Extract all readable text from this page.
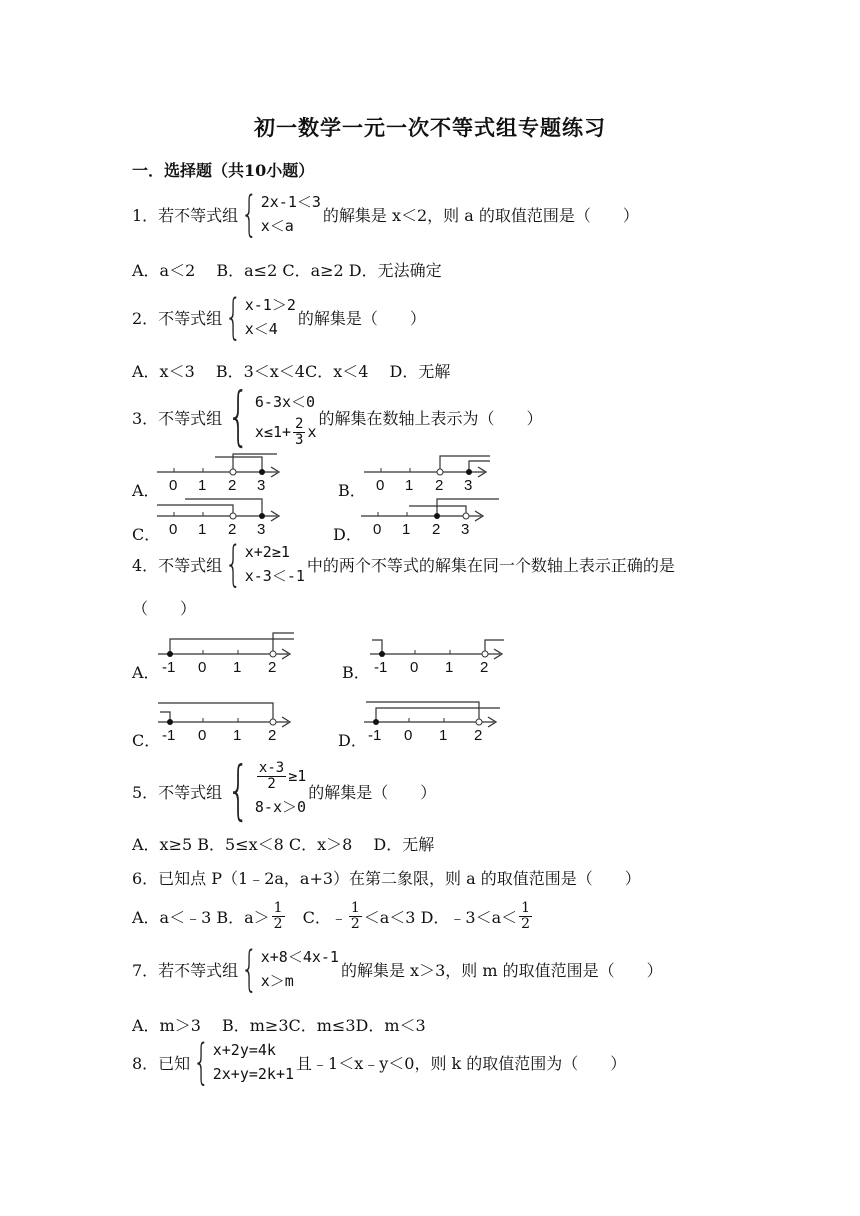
初一数学一元一次不等式组专题练习
一．选择题（共10小题）
1．若不等式组 { 2x-1＜3
x＜a
的解集是 x＜2，则 a 的取值范围是（　　）
A．a＜2　 B．a≤2 C．a≥2 D．无法确定
2．不等式组 { x-1＞2
x＜4
的解集是（　　）
A．x＜3　 B．3＜x＜4C．x＜4　 D．无解
3．不等式组 { 6-3x＜0
$x\le 1+ \frac{2}{3}$ x
的解集在数轴上表示为（　　）
A．	B．
C．	D．
0 1 2 3	0 1 2 3
0 1 2 3	0 1 2 3
4．不等式组 { x+2≥1
x-3＜-1
中的两个不等式的解集在同一个数轴上表示正确的是
（　　）
A．	B．
C．	D．
-1 0 1 2	-1 0 1 2
-1 0 1 2	-1 0 1 2
5．不等式组 { $\frac{x-3}{2} \ge 1$
8-x＞0
的解集是（　　）
A．x≥5 B．5≤x＜8 C．x＞8　 D．无解
6．已知点 P（1﹣2a，a+3）在第二象限，则 a 的取值范围是（　　）
A．a＜﹣3 B．$a> \frac{1}{2}$ 　C．﹣ $\frac{1}{2} <a<3$ D．﹣3＜a＜ $\frac{1}{2}$
7．若不等式组 { x+8＜4x-1
x＞m
的解集是 x＞3，则 m 的取值范围是（　　）
A．m＞3　 B．m≥3C．m≤3D．m＜3
8．已知 { x+2y=4k
2x+y=2k+1
且﹣1＜x﹣y＜0，则 k 的取值范围为（　　）
